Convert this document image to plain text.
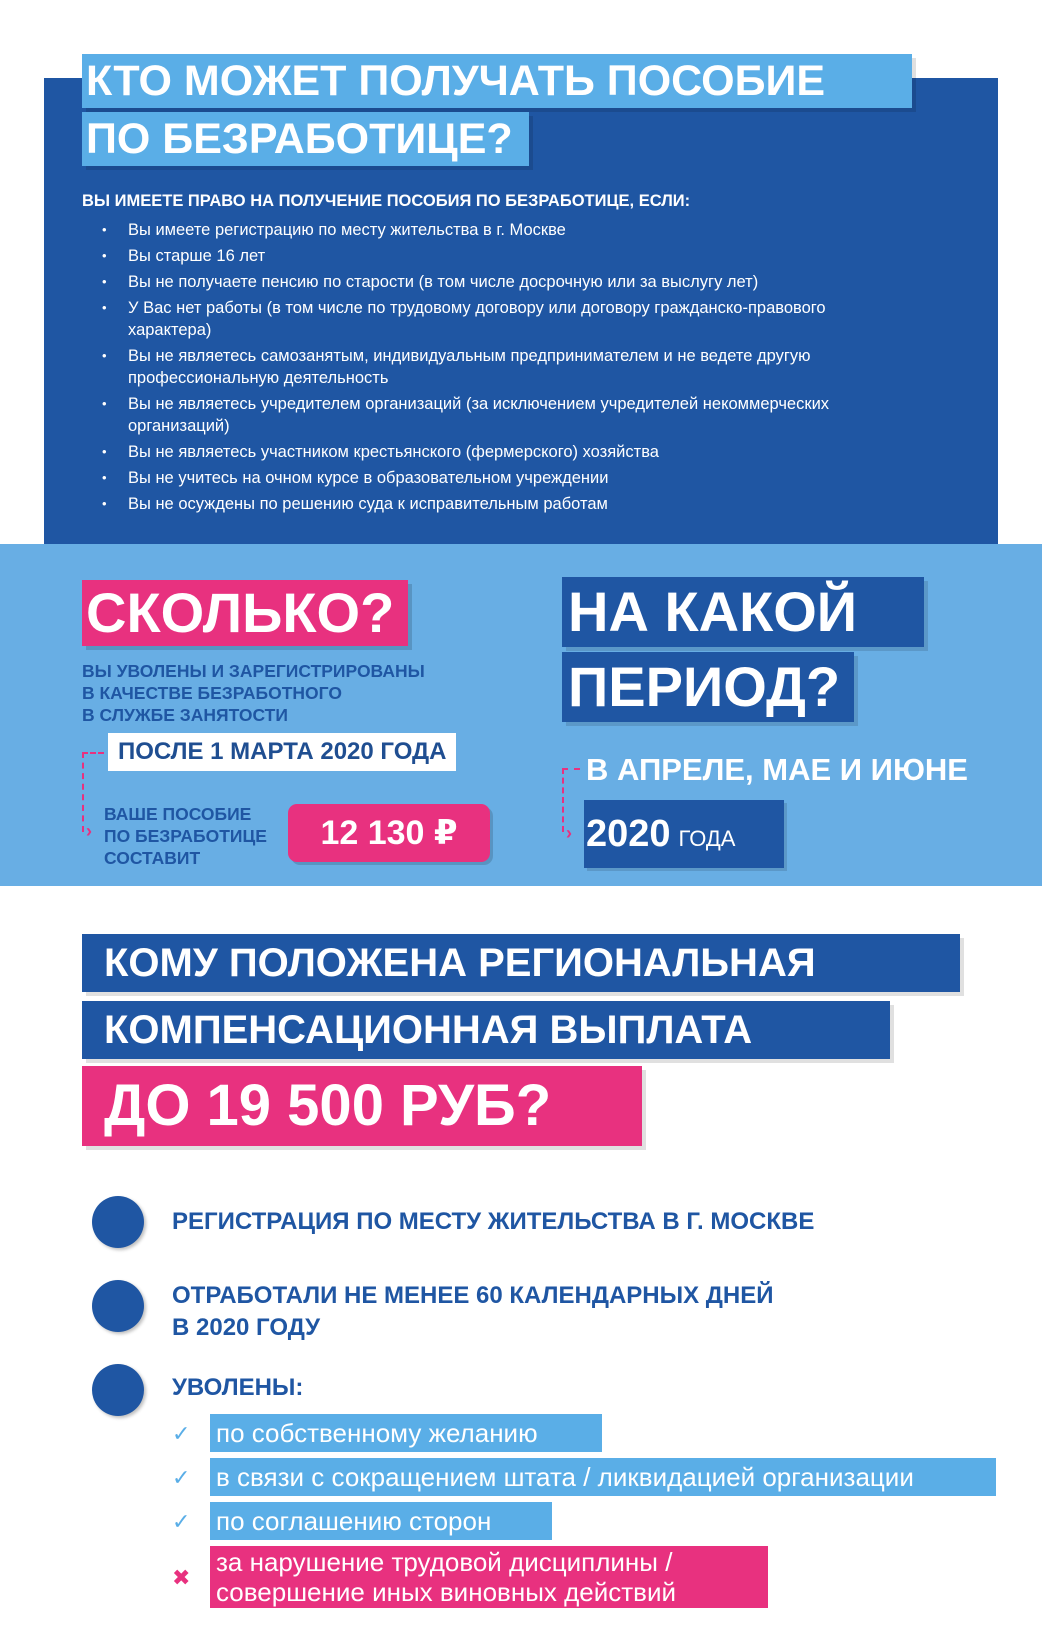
КТО МОЖЕТ ПОЛУЧАТЬ ПОСОБИЕ
ПО БЕЗРАБОТИЦЕ?
ВЫ ИМЕЕТЕ ПРАВО НА ПОЛУЧЕНИЕ ПОСОБИЯ ПО БЕЗРАБОТИЦЕ, ЕСЛИ:
• Вы имеете регистрацию по месту жительства в г. Москве
• Вы старше 16 лет
• Вы не получаете пенсию по старости (в том числе досрочную или за выслугу лет)
• У Вас нет работы (в том числе по трудовому договору или договору гражданско-правового характера)
• Вы не являетесь самозанятым, индивидуальным предпринимателем и не ведете другую профессиональную деятельность
• Вы не являетесь учредителем организаций (за исключением учредителей некоммерческих организаций)
• Вы не являетесь участником крестьянского (фермерского) хозяйства
• Вы не учитесь на очном курсе в образовательном учреждении
• Вы не осуждены по решению суда к исправительным работам
СКОЛЬКО?
ВЫ УВОЛЕНЫ И ЗАРЕГИСТРИРОВАНЫ
В КАЧЕСТВЕ БЕЗРАБОТНОГО
В СЛУЖБЕ ЗАНЯТОСТИ
›
ПОСЛЕ 1 МАРТА 2020 ГОДА
ВАШЕ ПОСОБИЕ
ПО БЕЗРАБОТИЦЕ
СОСТАВИТ
12 130 ₽
НА КАКОЙ
ПЕРИОД?
В АПРЕЛЕ, МАЕ И ИЮНЕ
› 2020 ГОДА
КОМУ ПОЛОЖЕНА РЕГИОНАЛЬНАЯ
КОМПЕНСАЦИОННАЯ ВЫПЛАТА
ДО 19 500 РУБ?
РЕГИСТРАЦИЯ ПО МЕСТУ ЖИТЕЛЬСТВА В Г. МОСКВЕ
ОТРАБОТАЛИ НЕ МЕНЕЕ 60 КАЛЕНДАРНЫХ ДНЕЙ
В 2020 ГОДУ
УВОЛЕНЫ:
✓ по собственному желанию
✓ в связи с сокращением штата / ликвидацией организации
✓ по соглашению сторон
✖
за нарушение трудовой дисциплины /
совершение иных виновных действий
